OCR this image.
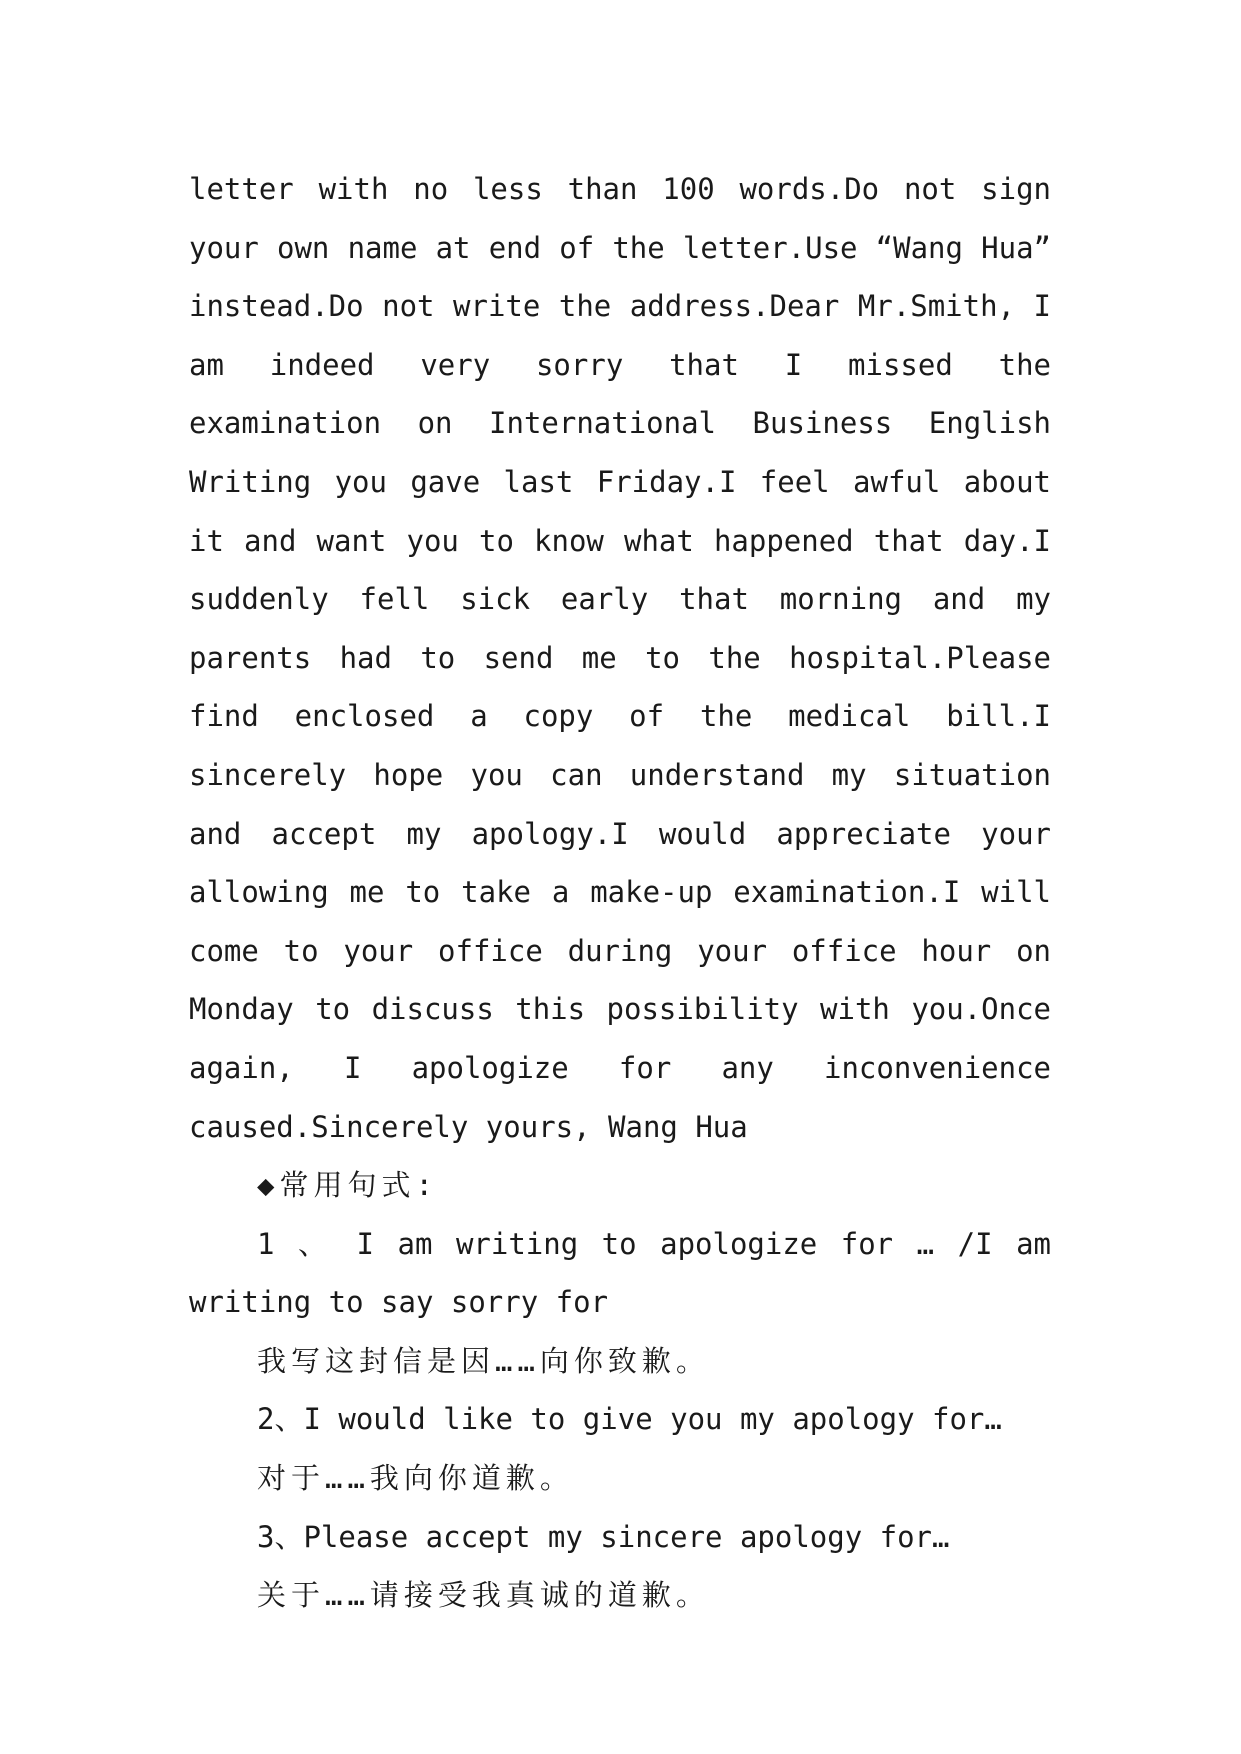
letter with no less than 100 words.Do not sign your own name at end of the letter.Use “Wang Hua” instead.Do not write the address.Dear Mr.Smith, I am indeed very sorry that I missed the examination on International Business English Writing you gave last Friday.I feel awful about it and want you to know what happened that day.I suddenly fell sick early that morning and my parents had to send me to the hospital.Please find enclosed a copy of the medical bill.I sincerely hope you can understand my situation and accept my apology.I would appreciate your allowing me to take a make-up examination.I will come to your office during your office hour on Monday to discuss this possibility with you.Once again, I apologize for any inconvenience caused.Sincerely yours, Wang Hua

◆常用句式:

1 、 I am writing to apologize for … /I am writing to say sorry for

我写这封信是因……向你致歉。

2、I would like to give you my apology for…

对于……我向你道歉。

3、Please accept my sincere apology for…

关于……请接受我真诚的道歉。
